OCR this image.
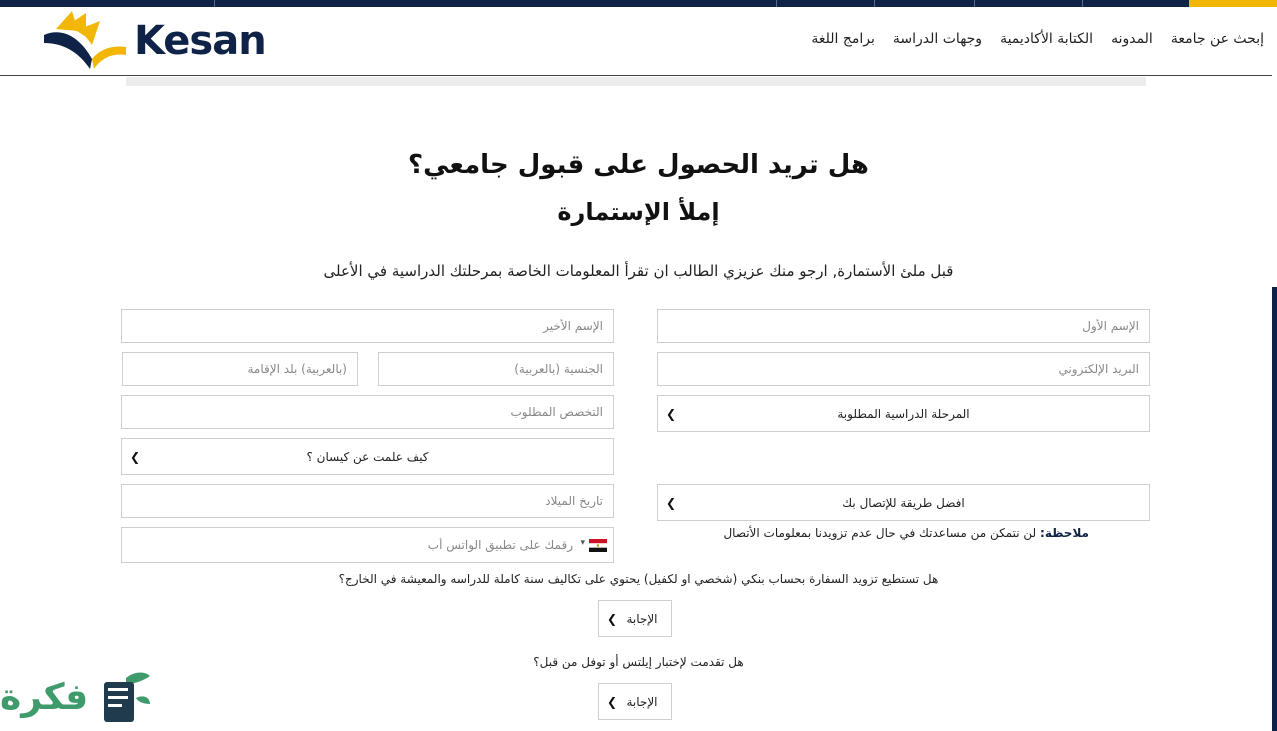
Kesan	برامج اللغة وجهات الدراسة الكتابة الأكاديمية المدونه إبحث عن جامعة
هل تريد الحصول على قبول جامعي؟
إملأ الإستمارة

قبل ملئ الأستمارة, ارجو منك عزيزي الطالب ان تقرأ المعلومات الخاصة بمرحلتك الدراسية في الأعلى

الإسم الأول
الإسم الأخير
البريد الإلكتروني
الجنسية (بالعربية)
(بالعربية) بلد الإقامة
المرحلة الدراسية المطلوبة
❯
التخصص المطلوب
كيف علمت عن كيسان ؟
❯
افضل طريقة للإتصال بك
❯
تاريخ الميلاد

ملاحظة: لن نتمكن من مساعدتك في حال عدم تزويدنا بمعلومات الأتصال

▾
رقمك على تطبيق الواتس أب

هل تستطيع تزويد السفارة بحساب بنكي (شخصي او لكفيل) يحتوي على تكاليف سنة كاملة للدراسه والمعيشة في الخارج؟

الإجابة
❯

هل تقدمت لإختبار إيلتس أو توفل من قبل؟

الإجابة
❯
فكرة
